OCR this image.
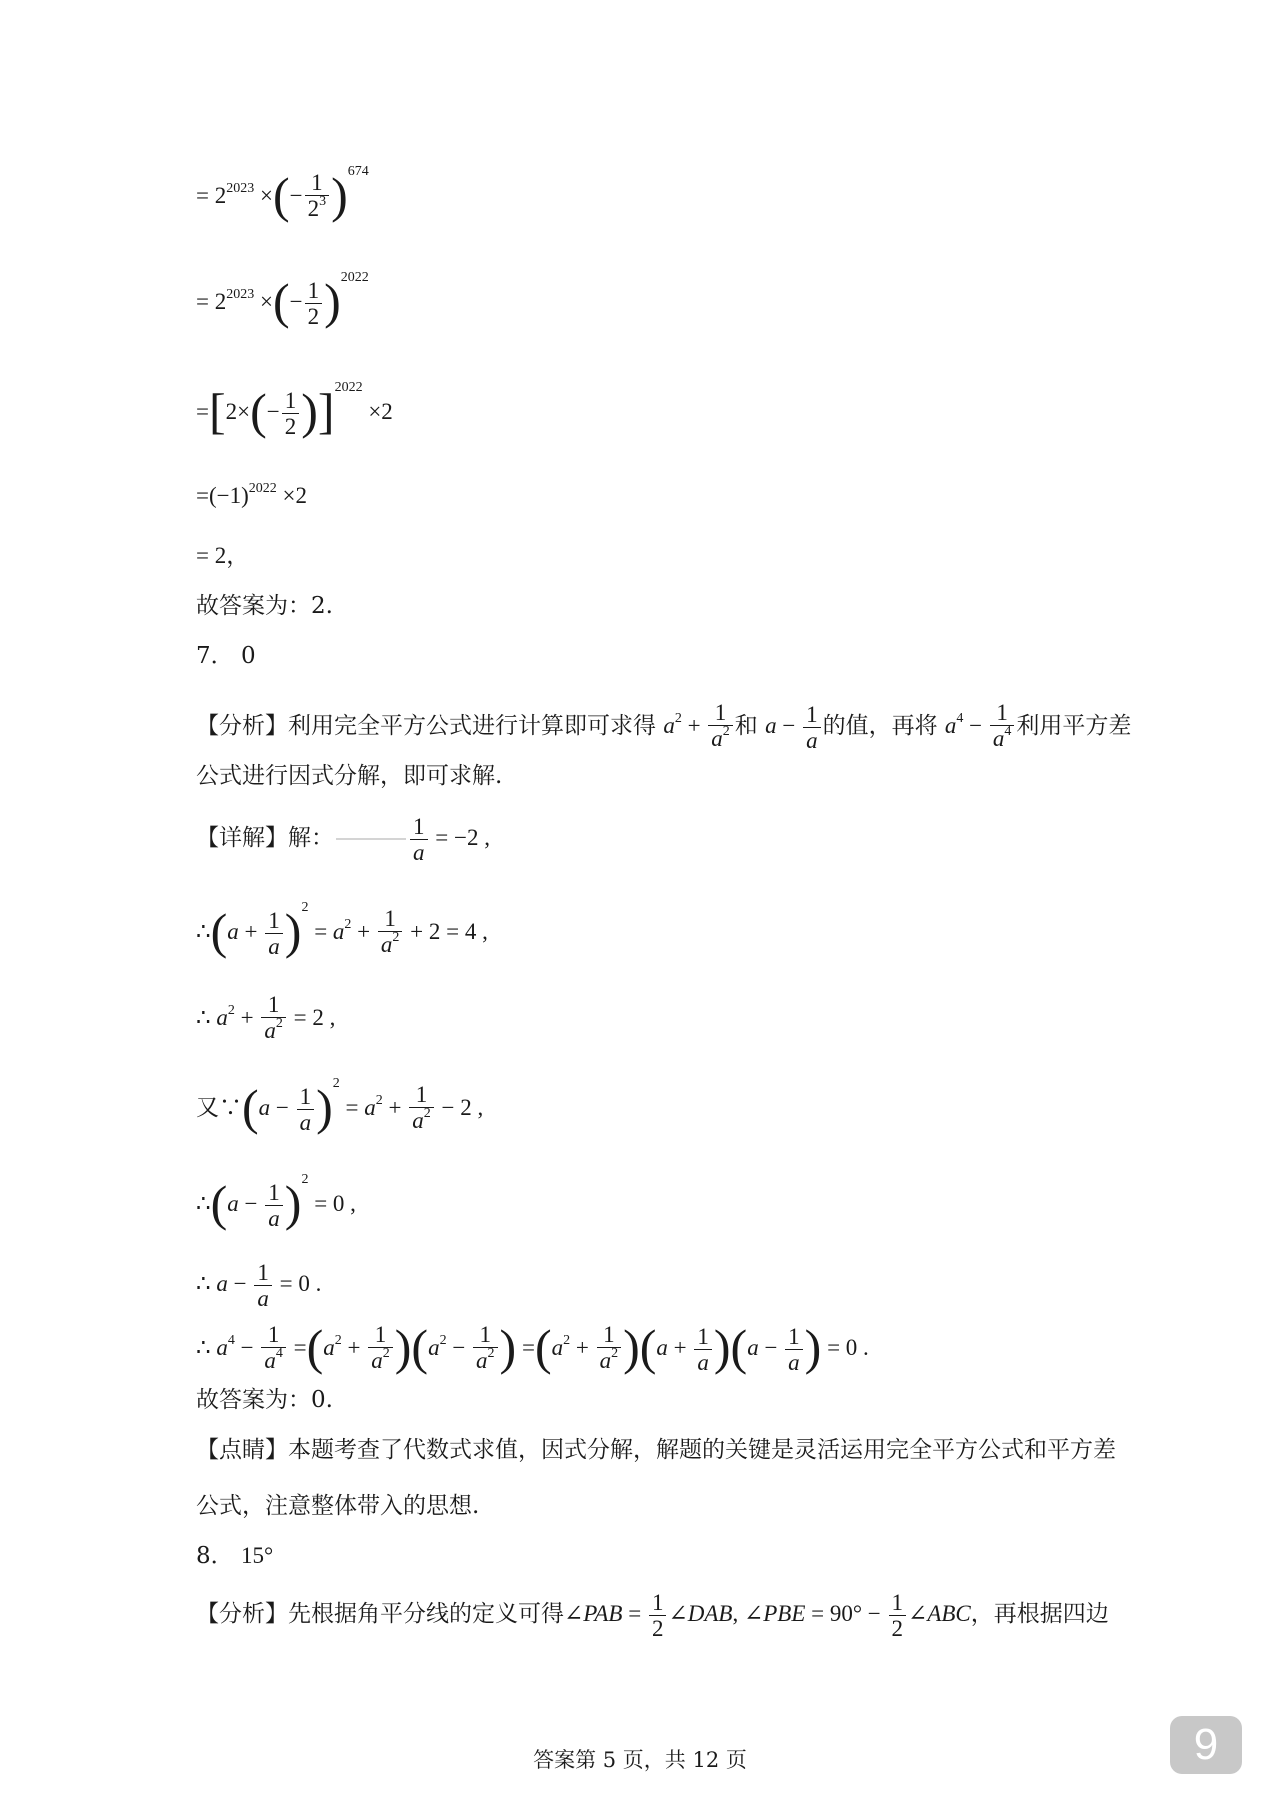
= $2^{2023}$ ×(− $\frac{1}{2^3} )^{674}$
= $2^{2023}$ ×(− $\frac{1}{2} )^{2022}$
$=[2\times(- \frac{1}{2} )]^{2022} \times 2$
$=(-1)^{2022} \times 2$
= 2，
故答案为：2.
7． 0
【分析】利用完全平方公式进行计算即可求得 $a^2 + \frac{1}{a^2}$ 和 $a - \frac{1}{a}$ 的值，再将 $a^4 - \frac{1}{a^4}$ 利用平方差
公式进行因式分解，即可求解.
【详解】解：	$\frac{1}{a} = -2$ ,
∴(a + $\frac{1}{a} )^2 = a^2 + \frac{1}{a^2} + 2 = 4$ ,
∴ $a^2 + \frac{1}{a^2} = 2$ ,
又∵(a − $\frac{1}{a} )^2 = a^2 + \frac{1}{a^2} - 2$ ,
∴(a − $\frac{1}{a} )^2 = 0$ ,
∴ $a - \frac{1}{a} = 0$ .
∴ $a^4 - \frac{1}{a^4} =(a^2 + \frac{1}{a^2} )(a^2 - \frac{1}{a^2}$ ) $=(a^2 + \frac{1}{a^2} )(a + \frac{1}{a} )(a - \frac{1}{a}$ ) = 0 .
故答案为：0.
【点睛】本题考查了代数式求值，因式分解，解题的关键是灵活运用完全平方公式和平方差
公式，注意整体带入的思想.
8． 15°
【分析】先根据角平分线的定义可得∠PAB = $\frac{1}{2}$ ∠DAB, ∠PBE = $90^\circ - \frac{1}{2}$ ∠ABC，再根据四边
答案第 5 页，共 12 页	9
